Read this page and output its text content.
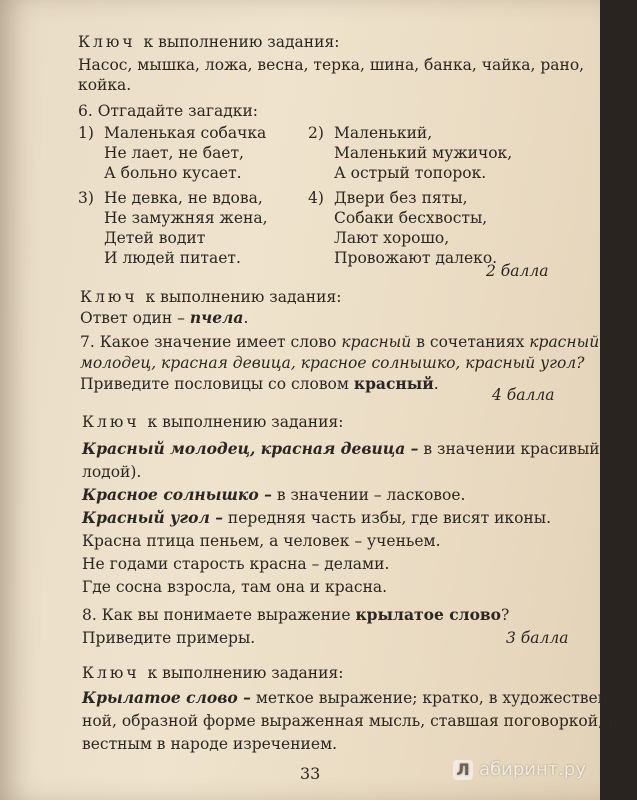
Ключ к выполнению задания:
Насос, мышка, ложа, весна, терка, шина, банка, чайка, рано,
койка.
6. Отгадайте загадки:
1) Маленькая собачка
Не лает, не бает,
А больно кусает.
2) Маленький,
Маленький мужичок,
А острый топорок.
3) Не девка, не вдова,
Не замужняя жена,
Детей водит
И людей питает.
4) Двери без пяты,
Собаки бесхвосты,
Лают хорошо,
Провожают далеко.
2 балла
Ключ к выполнению задания:
Ответ один – пчела.
7. Какое значение имеет слово красный в сочетаниях красный
молодец, красная девица, красное солнышко, красный угол?
Приведите пословицы со словом красный.
4 балла
Ключ к выполнению задания:
Красный молодец, красная девица – в значении красивый (мо-
лодой).
Красное солнышко – в значении – ласковое.
Красный угол – передняя часть избы, где висят иконы.
Красна птица пеньем, а человек – ученьем.
Не годами старость красна – делами.
Где сосна взросла, там она и красна.
8. Как вы понимаете выражение крылатое слово?
Приведите примеры.	3 балла
Ключ к выполнению задания:
Крылатое слово – меткое выражение; кратко, в художествен-
ной, образной форме выраженная мысль, ставшая поговоркой, из-
вестным в народе изречением.
33	Л абиринт.ру
